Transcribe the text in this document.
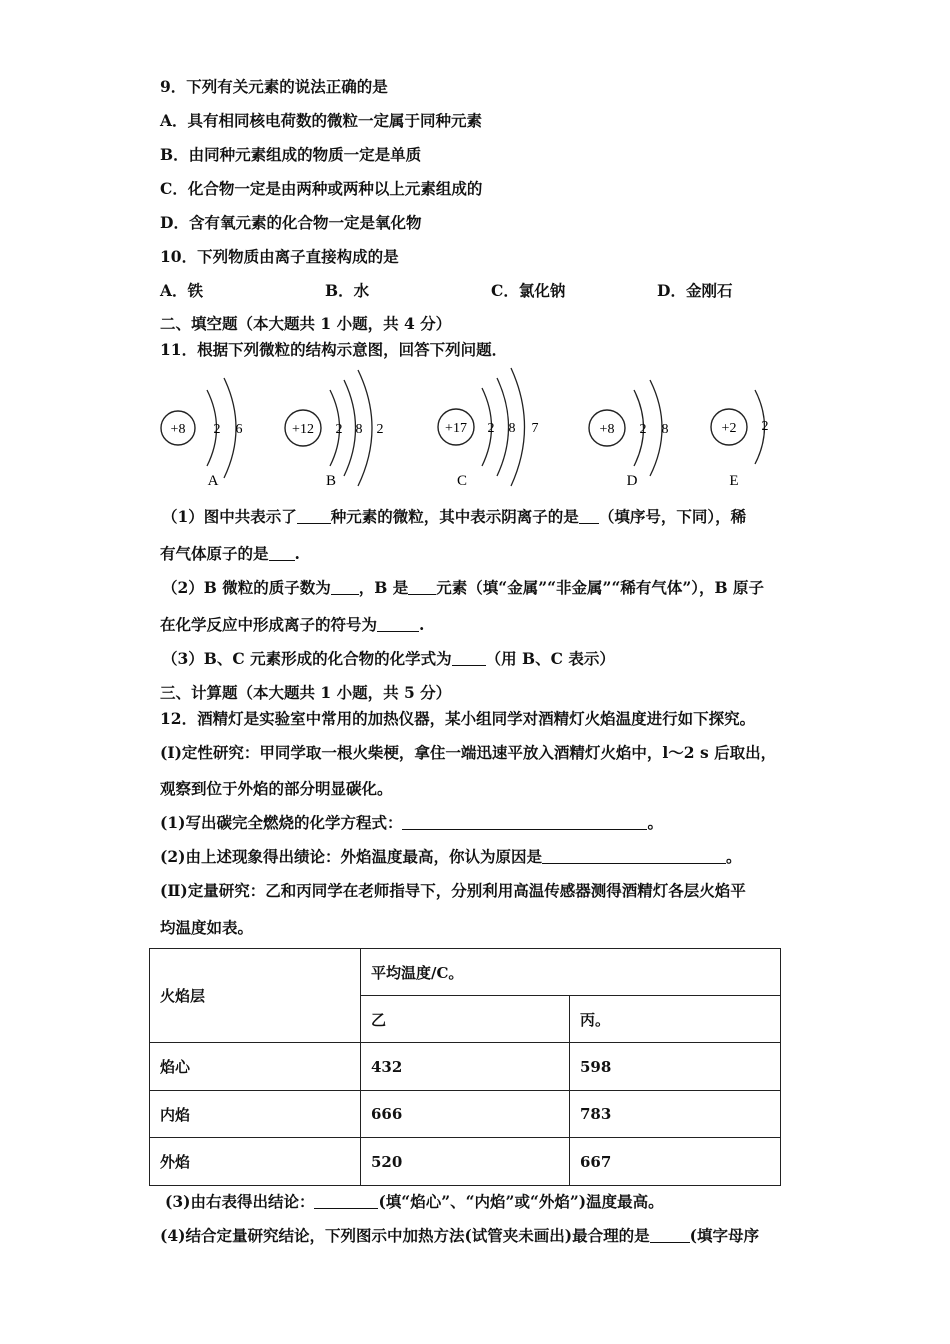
9．下列有关元素的说法正确的是
A．具有相同核电荷数的微粒一定属于同种元素
B．由同种元素组成的物质一定是单质
C．化合物一定是由两种或两种以上元素组成的
D．含有氧元素的化合物一定是氧化物
10．下列物质由离子直接构成的是
A．铁	B．水	C．氯化钠	D．金刚石
二、填空题（本大题共 1 小题，共 4 分）
11．根据下列微粒的结构示意图，回答下列问题．
+8 2 6
A
+12 2 8 2
B
+17 2 8 7
C
+8 2 8
D
+2 2
E
（1）图中共表示了 种元素的微粒，其中表示阴离子的是 （填序号，下同），稀
有气体原子的是 .
（2）B 微粒的质子数为 ，B 是 元素（填“金属”“非金属”“稀有气体”），B 原子
在化学反应中形成离子的符号为	.
（3）B、C 元素形成的化合物的化学式为 （用 B、C 表示）
三、计算题（本大题共 1 小题，共 5 分）
12．酒精灯是实验室中常用的加热仪器，某小组同学对酒精灯火焰温度进行如下探究。
(Ⅰ)定性研究：甲同学取一根火柴梗，拿住一端迅速平放入酒精灯火焰中，l～2 s 后取出，
观察到位于外焰的部分明显碳化。
(1)写出碳完全燃烧的化学方程式：	。
(2)由上述现象得出绩论：外焰温度最高，你认为原因是	。
(Ⅱ)定量研究：乙和丙同学在老师指导下，分别利用高温传感器测得酒精灯各层火焰平
均温度如表。
火焰层	平均温度/C。	
	乙	丙。
焰心	432	598
内焰	666	783
外焰	520	667
(3)由右表得出结论：	(填“焰心”、“内焰”或“外焰”)温度最高。
(4)结合定量研究结论，下列图示中加热方法(试管夹未画出)最合理的是	(填字母序
